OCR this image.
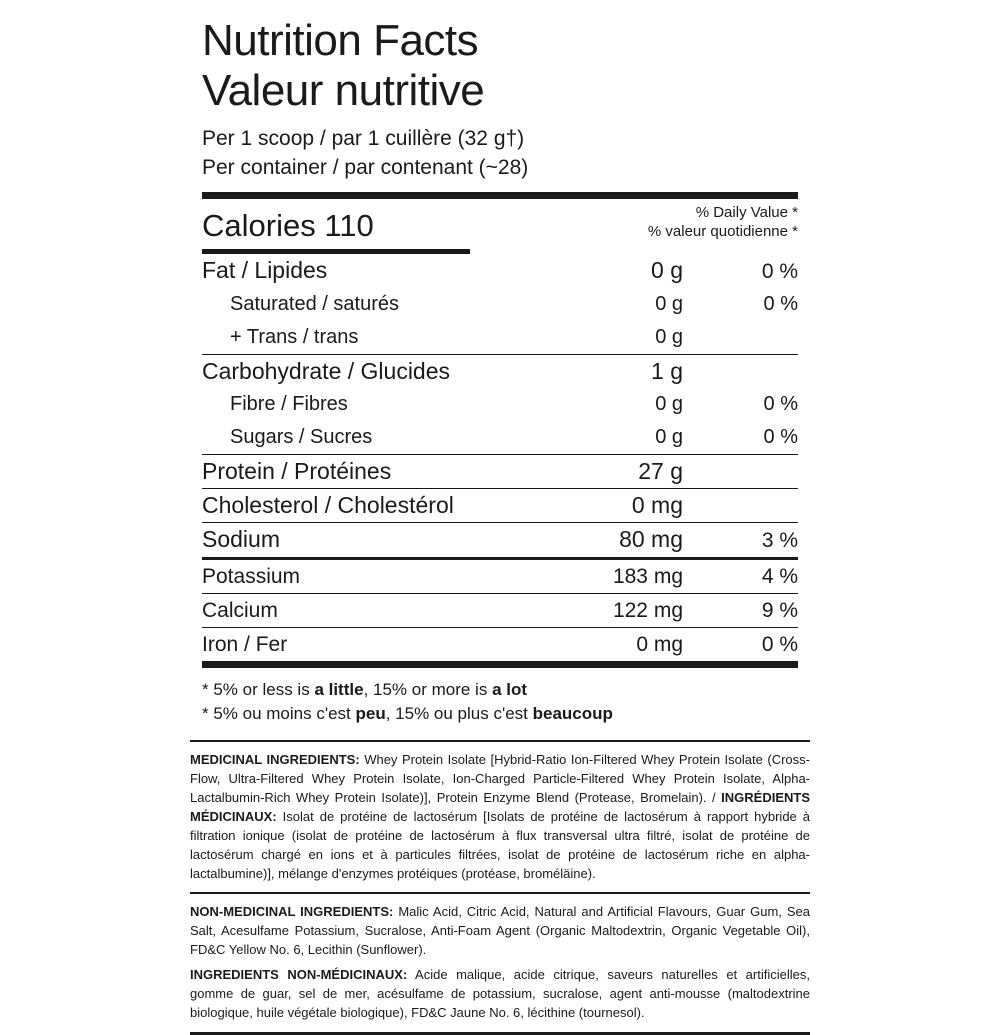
Nutrition Facts
Valeur nutritive
Per 1 scoop / par 1 cuillère (32 g†)
Per container / par contenant (~28)
% Daily Value *
% valeur quotidienne *
Calories 110
Fat / Lipides	0 g	0 %
Saturated / saturés	0 g	0 %
+ Trans / trans	0 g
Carbohydrate / Glucides	1 g
Fibre / Fibres	0 g	0 %
Sugars / Sucres	0 g	0 %
Protein / Protéines	27 g
Cholesterol / Cholestérol	0 mg
Sodium	80 mg	3 %
Potassium	183 mg	4 %
Calcium	122 mg	9 %
Iron / Fer	0 mg	0 %
* 5% or less is a little, 15% or more is a lot
* 5% ou moins c'est peu, 15% ou plus c'est beaucoup
MEDICINAL INGREDIENTS: Whey Protein Isolate [Hybrid-Ratio Ion-Filtered Whey Protein Isolate (Cross-Flow, Ultra-Filtered Whey Protein Isolate, Ion-Charged Particle-Filtered Whey Protein Isolate, Alpha-Lactalbumin-Rich Whey Protein Isolate)], Protein Enzyme Blend (Protease, Bromelain). / INGRÉDIENTS MÉDICINAUX: Isolat de protéine de lactosérum [Isolats de protéine de lactosérum à rapport hybride à filtration ionique (isolat de protéine de lactosérum à flux transversal ultra filtré, isolat de protéine de lactosérum chargé en ions et à particules filtrées, isolat de protéine de lactosérum riche en alpha-lactalbumine)], mélange d'enzymes protéiques (protéase, broméläine).
NON-MEDICINAL INGREDIENTS: Malic Acid, Citric Acid, Natural and Artificial Flavours, Guar Gum, Sea Salt, Acesulfame Potassium, Sucralose, Anti-Foam Agent (Organic Maltodextrin, Organic Vegetable Oil), FD&C Yellow No. 6, Lecithin (Sunflower).
INGREDIENTS NON-MÉDICINAUX: Acide malique, acide citrique, saveurs naturelles et artificielles, gomme de guar, sel de mer, acésulfame de potassium, sucralose, agent anti-mousse (maltodextrine biologique, huile végétale biologique), FD&C Jaune No. 6, lécithine (tournesol).
